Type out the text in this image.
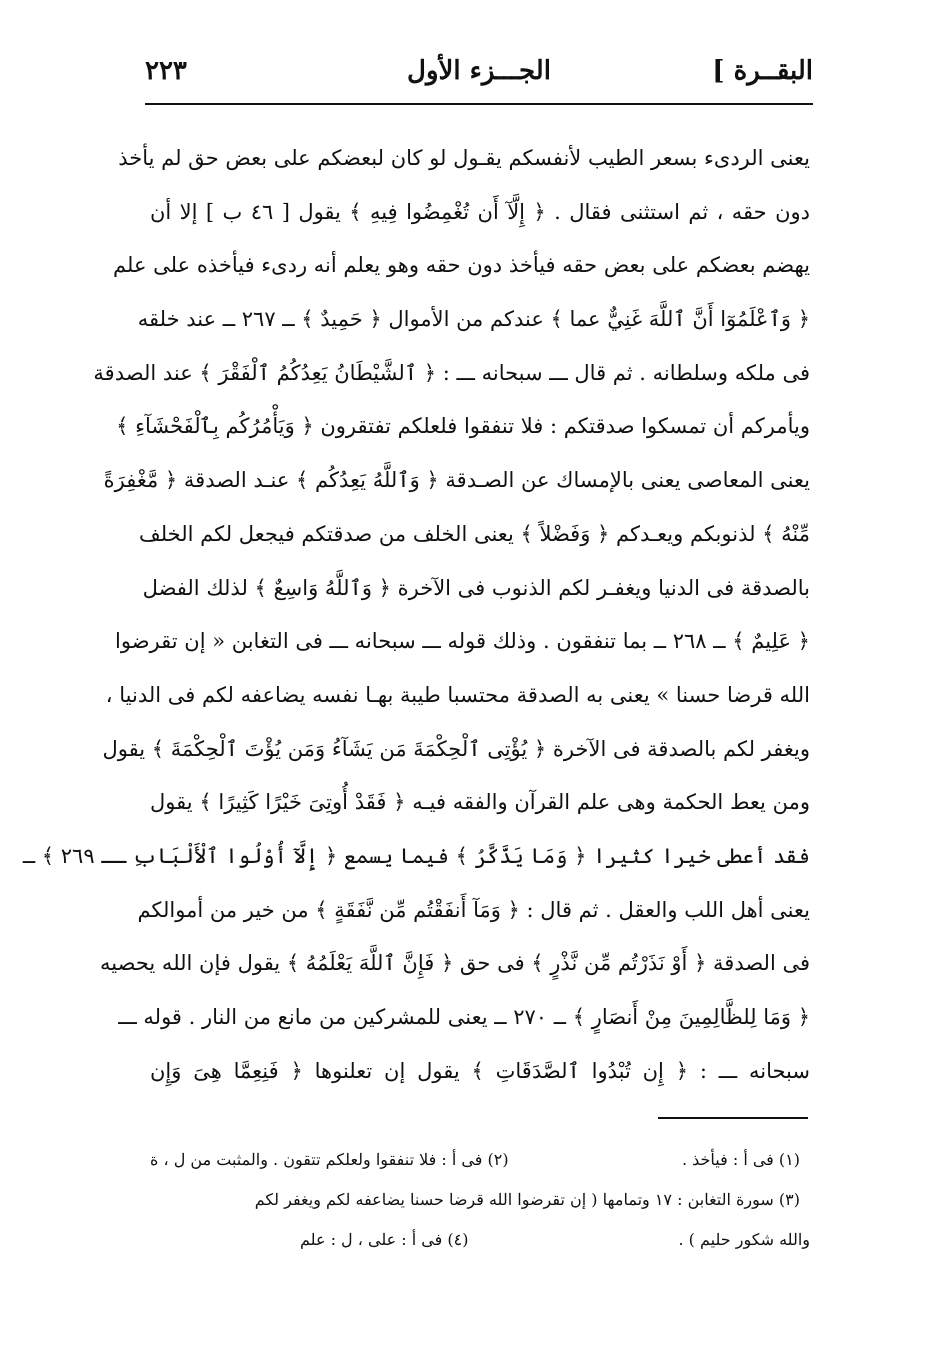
البقــرة ]
الجـــزء الأول
٢٢٣
يعنى الردىء بسعر الطيب لأنفسكم يقـول لو كان لبعضكم على بعض حق لم يأخذ
دون حقه ، ثم استثنى فقال . ﴿ إِلَّآ أَن تُغْمِضُوا فِيهِ ﴾ يقول [ ٤٦ ب ] إلا أن
يهضم بعضكم على بعض حقه فيأخذ دون حقه وهو يعلم أنه ردىء فيأخذه على علم
﴿ وَٱعْلَمُوٓا أَنَّ ٱللَّهَ غَنِيٌّ عما ﴾ عندكم من الأموال ﴿ حَمِيدٌ ﴾ ــ ٢٦٧ ــ عند خلقه
فى ملكه وسلطانه . ثم قال ـــ سبحانه ـــ : ﴿ ٱلشَّيْطَانُ يَعِدُكُمُ ٱلْفَقْرَ ﴾ عند الصدقة
ويأمركم أن تمسكوا صدقتكم : فلا تنفقوا فلعلكم تفتقرون ﴿ وَيَأْمُرُكُم بِٱلْفَحْشَآءِ ﴾
يعنى المعاصى يعنى بالإمساك عن الصـدقة ﴿ وَٱللَّهُ يَعِدُكُم ﴾ عنـد الصدقة ﴿ مَّغْفِرَةً
مِّنْهُ ﴾ لذنوبكم ويعـدكم ﴿ وَفَضْلاً ﴾ يعنى الخلف من صدقتكم فيجعل لكم الخلف
بالصدقة فى الدنيا ويغفـر لكم الذنوب فى الآخرة ﴿ وَٱللَّهُ وَاسِعٌ ﴾ لذلك الفضل
﴿ عَلِيمٌ ﴾ ــ ٢٦٨ ــ بما تنفقون . وذلك قوله ـــ سبحانه ـــ فى التغابن « إن تقرضوا
الله قرضا حسنا » يعنى به الصدقة محتسبا طيبة بهـا نفسه يضاعفه لكم فى الدنيا ،
ويغفر لكم بالصدقة فى الآخرة ﴿ يُؤْتِى ٱلْحِكْمَةَ مَن يَشَآءُ وَمَن يُؤْتَ ٱلْحِكْمَةَ ﴾ يقول
ومن يعط الحكمة وهى علم القرآن والفقه فيـه ﴿ فَقَدْ أُوتِىَ خَيْرًا كَثِيرًا ﴾ يقول
فقد أعطى خيرا كثيرا ﴿ وَمَا يَذَّكَّرُ ﴾ فيما يسمع ﴿ إِلَّآ أُوْلُوا ٱلْأَلْبَابِ ــ ٢٦٩ ﴾ ــ
يعنى أهل اللب والعقل . ثم قال : ﴿ وَمَآ أَنفَقْتُم مِّن نَّفَقَةٍ ﴾ من خير من أموالكم
فى الصدقة ﴿ أَوْ نَذَرْتُم مِّن نَّذْرٍ ﴾ فى حق ﴿ فَإِنَّ ٱللَّهَ يَعْلَمُهُ ﴾ يقول فإن الله يحصيه
﴿ وَمَا لِلظَّالِمِينَ مِنْ أَنصَارٍ ﴾ ــ ٢٧٠ ــ يعنى للمشركين من مانع من النار . قوله ـــ
سبحانه ـــ : ﴿ إِن تُبْدُوا ٱلصَّدَقَاتِ ﴾ يقول إن تعلنوها ﴿ فَنِعِمَّا هِىَ وَإِن
(١) فى أ : فيأخذ .
(٢) فى أ : فلا تنفقوا ولعلكم تتقون . والمثبت من ل ، ة
(٣) سورة التغابن : ١٧ وتمامها ( إن تقرضوا الله قرضا حسنا يضاعفه لكم ويغفر لكم
والله شكور حليم ) .
(٤) فى أ : على ، ل : علم
